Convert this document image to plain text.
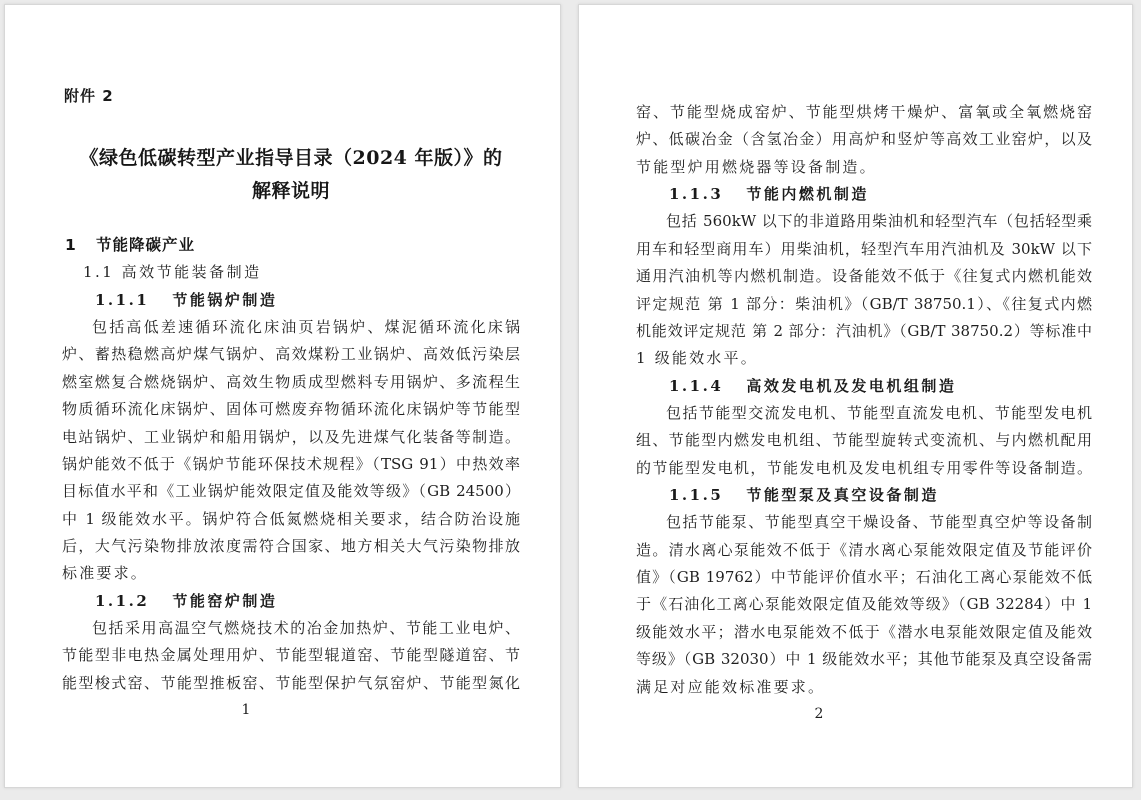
附件 2
《绿色低碳转型产业指导目录（2024 年版）》的
解释说明
1   节能降碳产业
1.1 高效节能装备制造
1.1.1   节能锅炉制造
包括高低差速循环流化床油页岩锅炉、煤泥循环流化床锅
炉、蓄热稳燃高炉煤气锅炉、高效煤粉工业锅炉、高效低污染层
燃室燃复合燃烧锅炉、高效生物质成型燃料专用锅炉、多流程生
物质循环流化床锅炉、固体可燃废弃物循环流化床锅炉等节能型
电站锅炉、工业锅炉和船用锅炉，以及先进煤气化装备等制造。
锅炉能效不低于《锅炉节能环保技术规程》（TSG 91）中热效率
目标值水平和《工业锅炉能效限定值及能效等级》（GB 24500）
中 1 级能效水平。锅炉符合低氮燃烧相关要求，结合防治设施
后，大气污染物排放浓度需符合国家、地方相关大气污染物排放
标准要求。
1.1.2   节能窑炉制造
包括采用高温空气燃烧技术的冶金加热炉、节能工业电炉、
节能型非电热金属处理用炉、节能型辊道窑、节能型隧道窑、节
能型梭式窑、节能型推板窑、节能型保护气氛窑炉、节能型氮化
1
窑、节能型烧成窑炉、节能型烘烤干燥炉、富氧或全氧燃烧窑
炉、低碳冶金（含氢冶金）用高炉和竖炉等高效工业窑炉，以及
节能型炉用燃烧器等设备制造。
1.1.3   节能内燃机制造
包括 560kW 以下的非道路用柴油机和轻型汽车（包括轻型乘
用车和轻型商用车）用柴油机，轻型汽车用汽油机及 30kW 以下
通用汽油机等内燃机制造。设备能效不低于《往复式内燃机能效
评定规范 第 1 部分：柴油机》（GB/T 38750.1）、《往复式内燃
机能效评定规范 第 2 部分：汽油机》（GB/T 38750.2）等标准中
1 级能效水平。
1.1.4   高效发电机及发电机组制造
包括节能型交流发电机、节能型直流发电机、节能型发电机
组、节能型内燃发电机组、节能型旋转式变流机、与内燃机配用
的节能型发电机，节能发电机及发电机组专用零件等设备制造。
1.1.5   节能型泵及真空设备制造
包括节能泵、节能型真空干燥设备、节能型真空炉等设备制
造。清水离心泵能效不低于《清水离心泵能效限定值及节能评价
值》（GB 19762）中节能评价值水平；石油化工离心泵能效不低
于《石油化工离心泵能效限定值及能效等级》（GB 32284）中 1
级能效水平；潜水电泵能效不低于《潜水电泵能效限定值及能效
等级》（GB 32030）中 1 级能效水平；其他节能泵及真空设备需
满足对应能效标准要求。
2
